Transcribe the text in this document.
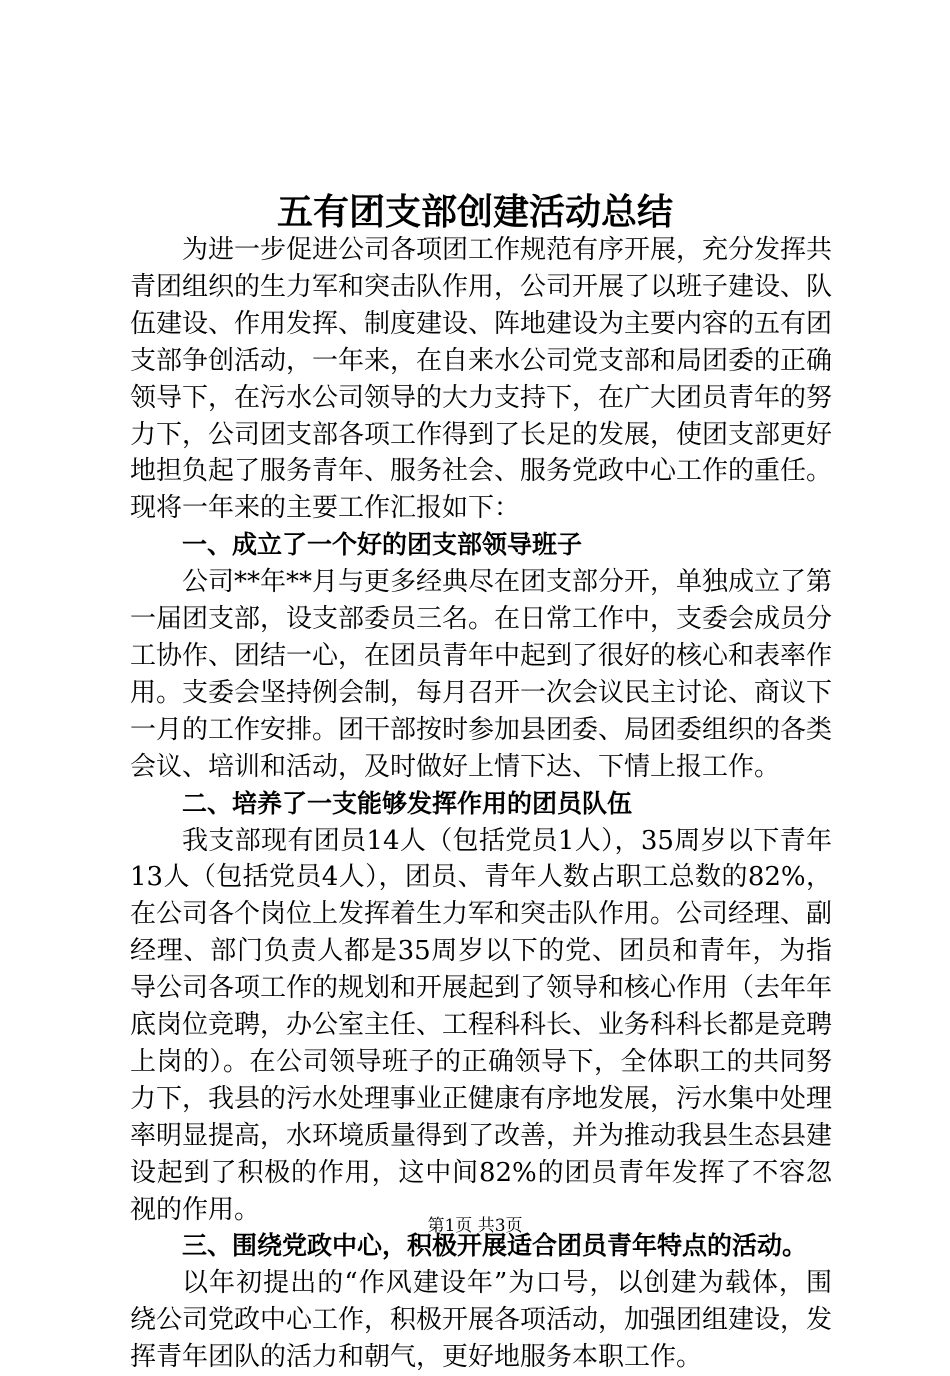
五有团支部创建活动总结

为进一步促进公司各项团工作规范有序开展，充分发挥共青团组织的生力军和突击队作用，公司开展了以班子建设、队伍建设、作用发挥、制度建设、阵地建设为主要内容的五有团支部争创活动，一年来，在自来水公司党支部和局团委的正确领导下，在污水公司领导的大力支持下，在广大团员青年的努力下，公司团支部各项工作得到了长足的发展，使团支部更好地担负起了服务青年、服务社会、服务党政中心工作的重任。现将一年来的主要工作汇报如下：

一、成立了一个好的团支部领导班子

公司**年**月与更多经典尽在团支部分开，单独成立了第一届团支部，设支部委员三名。在日常工作中，支委会成员分工协作、团结一心，在团员青年中起到了很好的核心和表率作用。支委会坚持例会制，每月召开一次会议民主讨论、商议下一月的工作安排。团干部按时参加县团委、局团委组织的各类会议、培训和活动，及时做好上情下达、下情上报工作。

二、培养了一支能够发挥作用的团员队伍

我支部现有团员14人（包括党员1人），35周岁以下青年13人（包括党员4人），团员、青年人数占职工总数的82%，在公司各个岗位上发挥着生力军和突击队作用。公司经理、副经理、部门负责人都是35周岁以下的党、团员和青年，为指导公司各项工作的规划和开展起到了领导和核心作用（去年年底岗位竞聘，办公室主任、工程科科长、业务科科长都是竞聘上岗的）。在公司领导班子的正确领导下，全体职工的共同努力下，我县的污水处理事业正健康有序地发展，污水集中处理率明显提高，水环境质量得到了改善，并为推动我县生态县建设起到了积极的作用，这中间82%的团员青年发挥了不容忽视的作用。

三、围绕党政中心，积极开展适合团员青年特点的活动。

以年初提出的“作风建设年”为口号，以创建为载体，围绕公司党政中心工作，积极开展各项活动，加强团组建设，发挥青年团队的活力和朝气，更好地服务本职工作。

第1页 共3页
